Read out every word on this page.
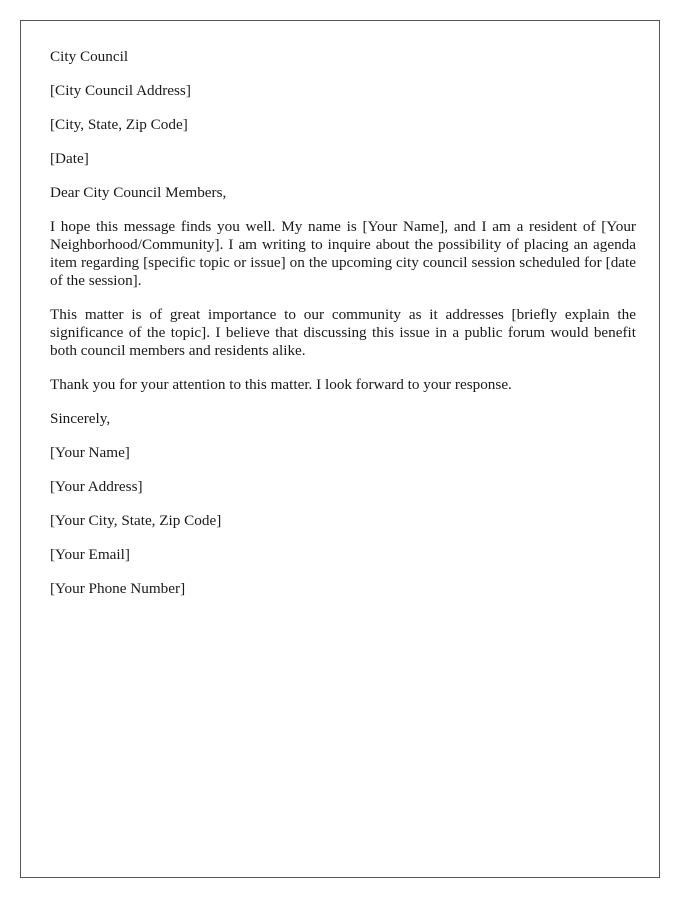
City Council

[City Council Address]

[City, State, Zip Code]

[Date]

Dear City Council Members,

I hope this message finds you well. My name is [Your Name], and I am a resident of [Your Neighborhood/Community]. I am writing to inquire about the possibility of placing an agenda item regarding [specific topic or issue] on the upcoming city council session scheduled for [date of the session].

This matter is of great importance to our community as it addresses [briefly explain the significance of the topic]. I believe that discussing this issue in a public forum would benefit both council members and residents alike.

Thank you for your attention to this matter. I look forward to your response.

Sincerely,

[Your Name]

[Your Address]

[Your City, State, Zip Code]

[Your Email]

[Your Phone Number]
